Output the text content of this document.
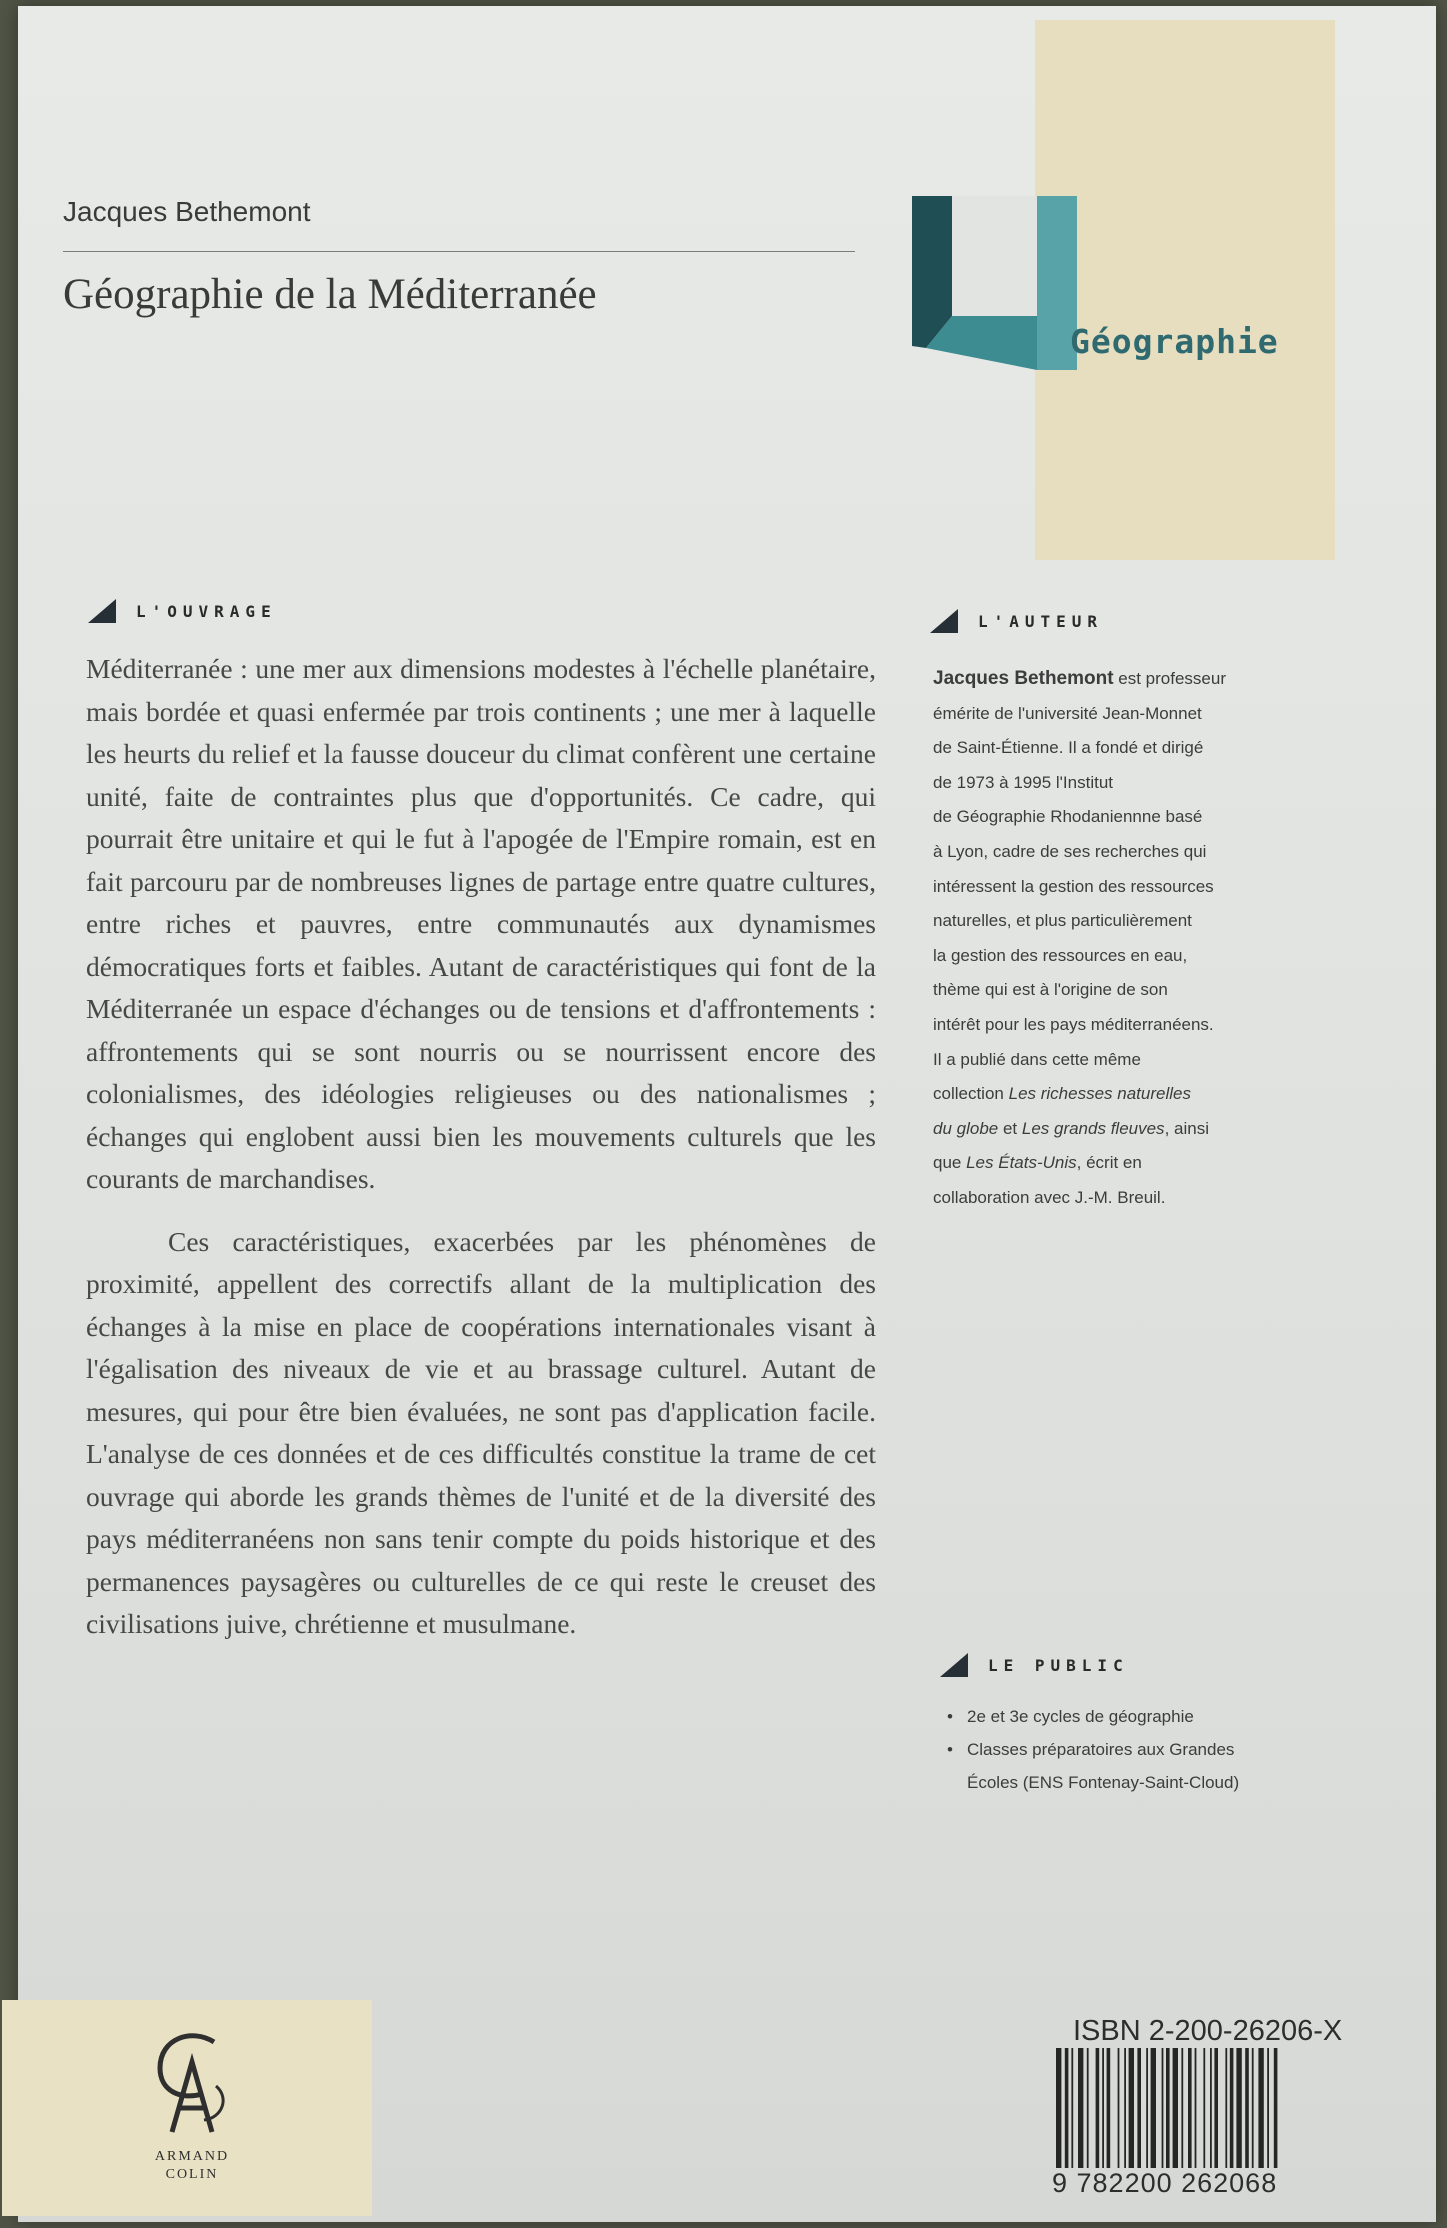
Géographie
Jacques Bethemont
Géographie de la Méditerranée
L'OUVRAGE
L'AUTEUR
LE PUBLIC

Méditerranée : une mer aux dimensions modestes à l'échelle planétaire, mais bordée et quasi enfermée par trois continents ; une mer à laquelle les heurts du relief et la fausse douceur du climat confèrent une certaine unité, faite de contraintes plus que d'opportunités. Ce cadre, qui pourrait être unitaire et qui le fut à l'apogée de l'Empire romain, est en fait parcouru par de nombreuses lignes de partage entre quatre cultures, entre riches et pauvres, entre communautés aux dynamismes démocratiques forts et faibles. Autant de caractéristiques qui font de la Méditerranée un espace d'échanges ou de tensions et d'affrontements : affrontements qui se sont nourris ou se nourrissent encore des colonialismes, des idéologies religieuses ou des nationalismes ; échanges qui englobent aussi bien les mouvements culturels que les courants de marchandises.

Ces caractéristiques, exacerbées par les phénomènes de proximité, appellent des correctifs allant de la multiplication des échanges à la mise en place de coopérations internationales visant à l'égalisation des niveaux de vie et au brassage culturel. Autant de mesures, qui pour être bien évaluées, ne sont pas d'application facile. L'analyse de ces données et de ces difficultés constitue la trame de cet ouvrage qui aborde les grands thèmes de l'unité et de la diversité des pays méditerranéens non sans tenir compte du poids historique et des permanences paysagères ou culturelles de ce qui reste le creuset des civilisations juive, chrétienne et musulmane.

Jacques Bethemont est professeur
émérite de l'université Jean-Monnet
de Saint-Étienne. Il a fondé et dirigé
de 1973 à 1995 l'Institut
de Géographie Rhodaniennne basé
à Lyon, cadre de ses recherches qui
intéressent la gestion des ressources
naturelles, et plus particulièrement
la gestion des ressources en eau,
thème qui est à l'origine de son
intérêt pour les pays méditerranéens.
Il a publié dans cette même
collection Les richesses naturelles
du globe et Les grands fleuves, ainsi
que Les États-Unis, écrit en
collaboration avec J.-M. Breuil.
• 2e et 3e cycles de géographie
• Classes préparatoires aux Grandes
Écoles (ENS Fontenay-Saint-Cloud)
ISBN 2-200-26206-X
9 782200 262068
ARMAND
COLIN
